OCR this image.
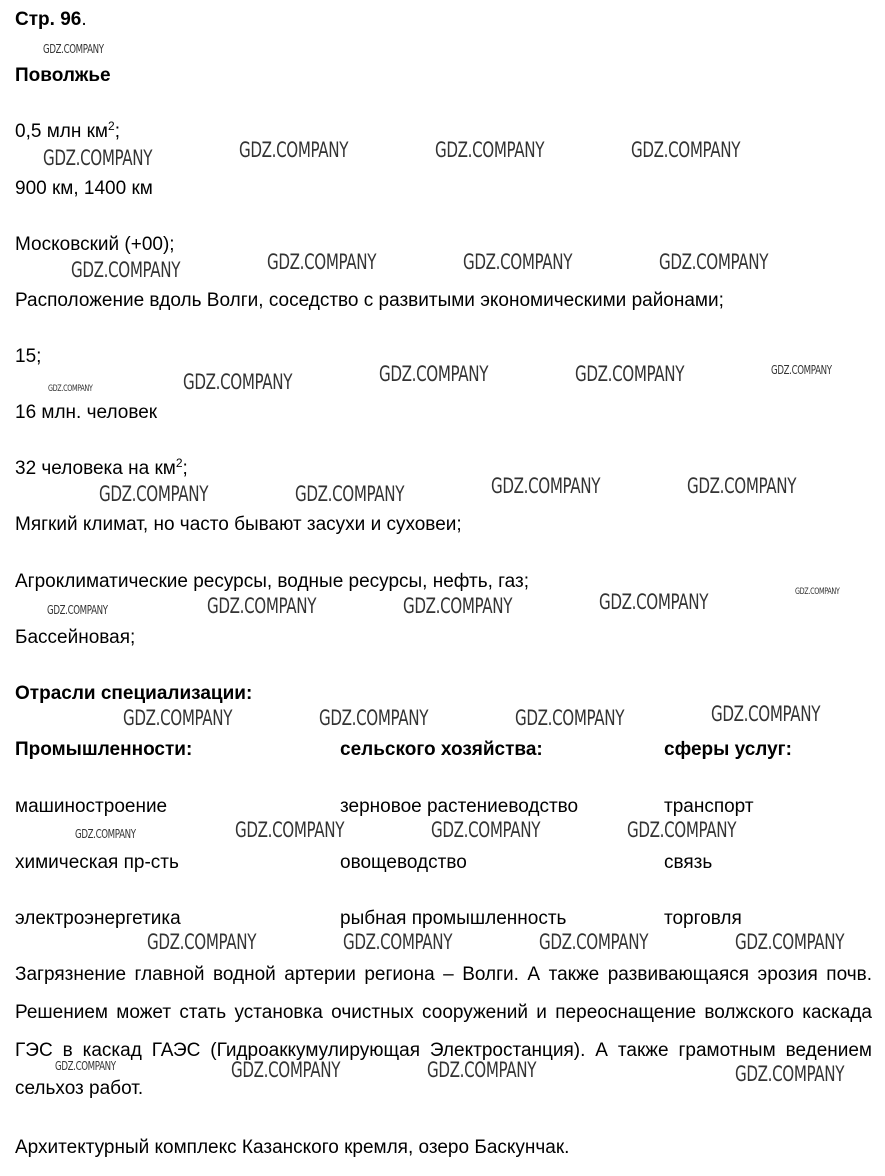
Стр. 96.
Поволжье
0,5 млн $км^2$;
900 км, 1400 км
Московский (+00);
Расположение вдоль Волги, соседство с развитыми экономическими районами;
15;
16 млн. человек
32 человека на $км^2$;
Мягкий климат, но часто бывают засухи и суховеи;
Агроклиматические ресурсы, водные ресурсы, нефть, газ;
Бассейновая;
Отрасли специализации:
Промышленности:	сельского хозяйства:	сферы услуг:
машиностроение	зерновое растениеводство	транспорт
химическая пр-сть	овощеводство	связь
электроэнергетика	рыбная промышленность	торговля
Загрязнение главной водной артерии региона – Волги. А также развивающаяся эрозия почв. Решением может стать установка очистных сооружений и переоснащение волжского каскада ГЭС в каскад ГАЭС (Гидроаккумулирующая Электростанция). А также грамотным ведением сельхоз работ.
Архитектурный комплекс Казанского кремля, озеро Баскунчак.
GDZ.COMPANY
GDZ.COMPANY	GDZ.COMPANY	GDZ.COMPANY	GDZ.COMPANY
GDZ.COMPANY	GDZ.COMPANY	GDZ.COMPANY	GDZ.COMPANY
GDZ.COMPANY	GDZ.COMPANY	GDZ.COMPANY	GDZ.COMPANY	GDZ.COMPANY
GDZ.COMPANY	GDZ.COMPANY	GDZ.COMPANY	GDZ.COMPANY
GDZ.COMPANY	GDZ.COMPANY	GDZ.COMPANY	GDZ.COMPANY	GDZ.COMPANY
GDZ.COMPANY	GDZ.COMPANY	GDZ.COMPANY	GDZ.COMPANY
GDZ.COMPANY	GDZ.COMPANY	GDZ.COMPANY	GDZ.COMPANY
GDZ.COMPANY	GDZ.COMPANY	GDZ.COMPANY	GDZ.COMPANY
GDZ.COMPANY	GDZ.COMPANY	GDZ.COMPANY	GDZ.COMPANY
